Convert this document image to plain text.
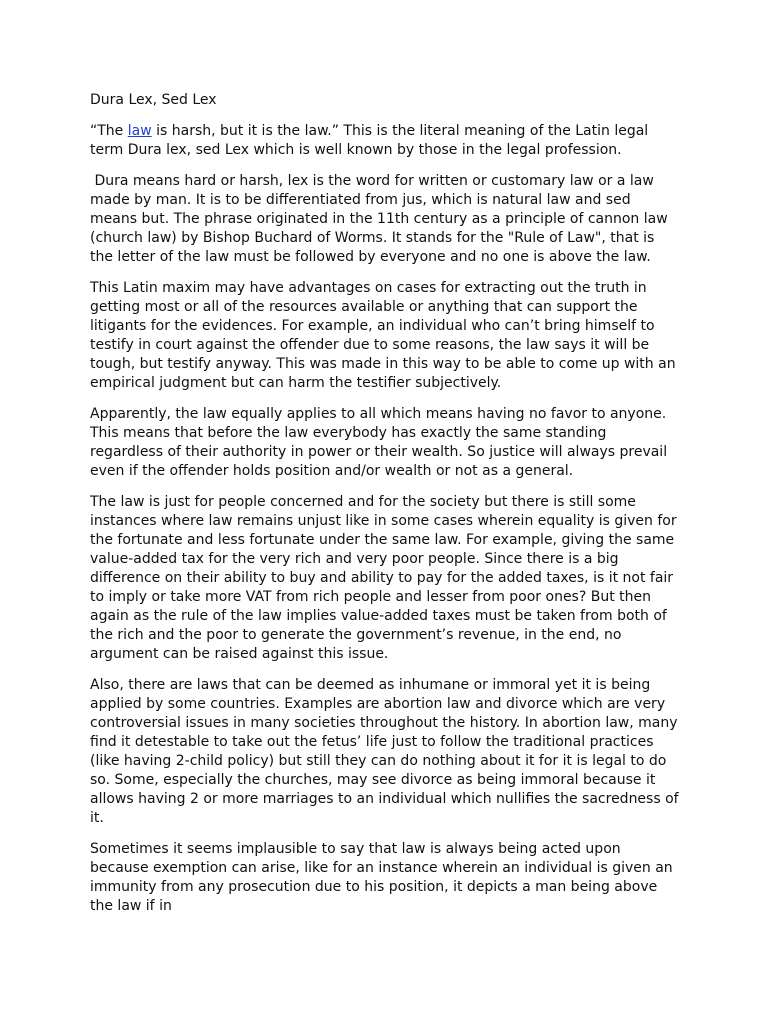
Dura Lex, Sed Lex

“The law is harsh, but it is the law.” This is the literal meaning of the Latin legal term Dura lex, sed Lex which is well known by those in the legal profession.

Dura means hard or harsh, lex is the word for written or customary law or a law made by man. It is to be differentiated from jus, which is natural law and sed means but. The phrase originated in the 11th century as a principle of cannon law (church law) by Bishop Buchard of Worms. It stands for the "Rule of Law", that is the letter of the law must be followed by everyone and no one is above the law.

This Latin maxim may have advantages on cases for extracting out the truth in getting most or all of the resources available or anything that can support the litigants for the evidences. For example, an individual who can’t bring himself to testify in court against the offender due to some reasons, the law says it will be tough, but testify anyway. This was made in this way to be able to come up with an empirical judgment but can harm the testifier subjectively.

Apparently, the law equally applies to all which means having no favor to anyone. This means that before the law everybody has exactly the same standing regardless of their authority in power or their wealth. So justice will always prevail even if the offender holds position and/or wealth or not as a general.

The law is just for people concerned and for the society but there is still some instances where law remains unjust like in some cases wherein equality is given for the fortunate and less fortunate under the same law. For example, giving the same value-added tax for the very rich and very poor people. Since there is a big difference on their ability to buy and ability to pay for the added taxes, is it not fair to imply or take more VAT from rich people and lesser from poor ones? But then again as the rule of the law implies value-added taxes must be taken from both of the rich and the poor to generate the government’s revenue, in the end, no argument can be raised against this issue.

Also, there are laws that can be deemed as inhumane or immoral yet it is being applied by some countries. Examples are abortion law and divorce which are very controversial issues in many societies throughout the history. In abortion law, many find it detestable to take out the fetus’ life just to follow the traditional practices (like having 2-child policy) but still they can do nothing about it for it is legal to do so. Some, especially the churches, may see divorce as being immoral because it allows having 2 or more marriages to an individual which nullifies the sacredness of it.

Sometimes it seems implausible to say that law is always being acted upon because exemption can arise, like for an instance wherein an individual is given an immunity from any prosecution due to his position, it depicts a man being above the law if in
